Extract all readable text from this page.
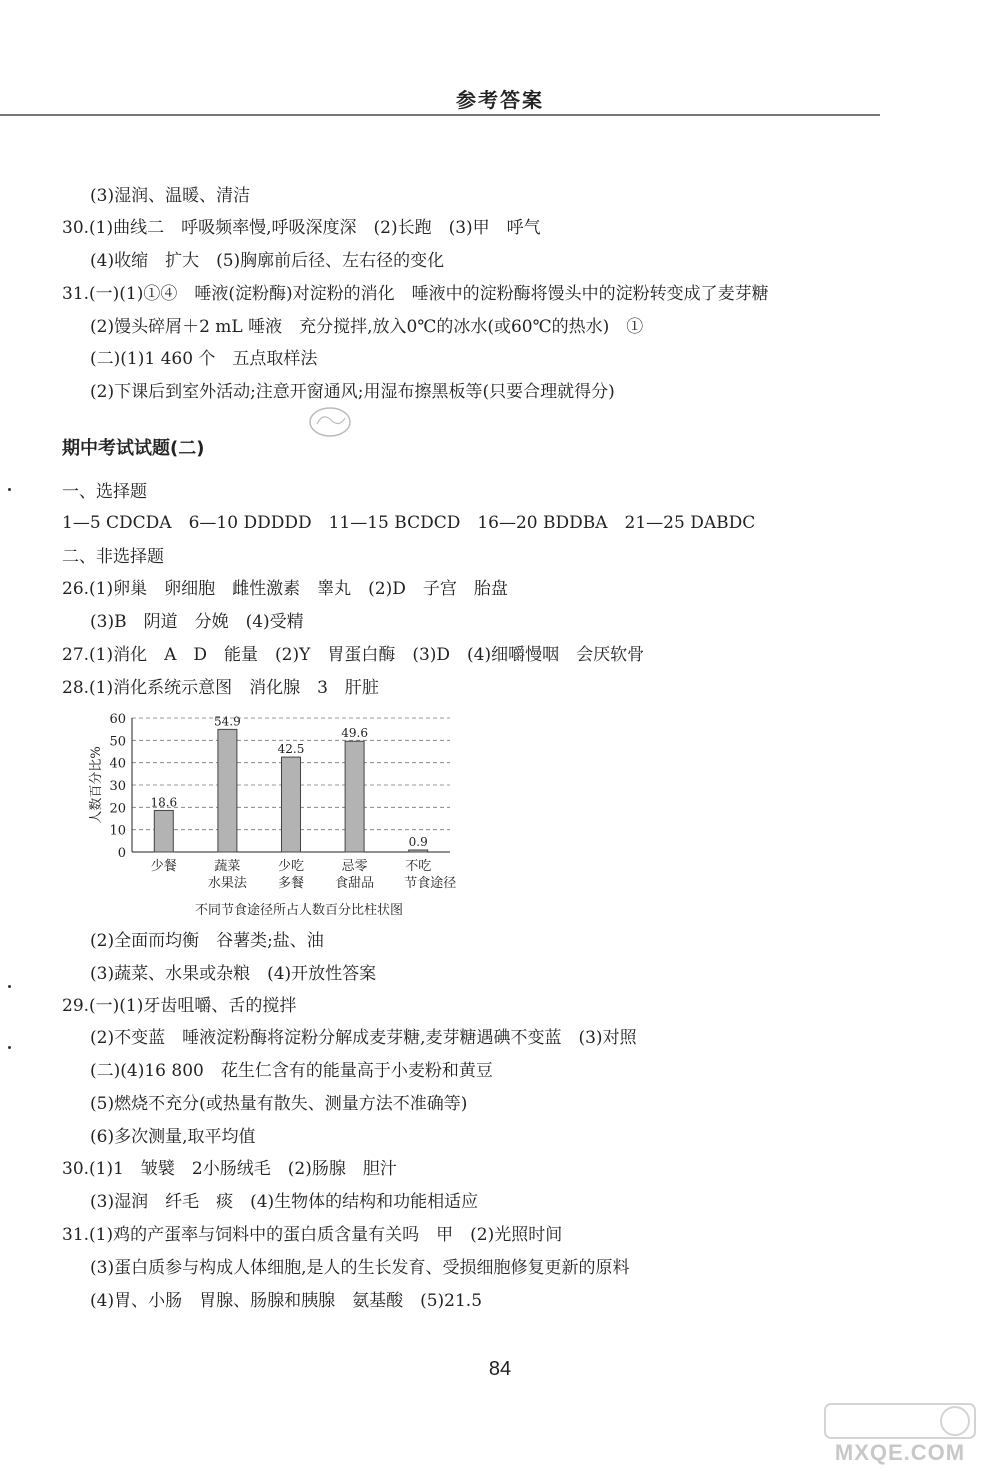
参考答案
(3)湿润、温暖、清洁
30.(1)曲线二　呼吸频率慢,呼吸深度深　(2)长跑　(3)甲　呼气
(4)收缩　扩大　(5)胸廓前后径、左右径的变化
31.(一)(1)①④　唾液(淀粉酶)对淀粉的消化　唾液中的淀粉酶将馒头中的淀粉转变成了麦芽糖
(2)馒头碎屑＋2 mL 唾液　充分搅拌,放入0℃的冰水(或60℃的热水)　①
(二)(1)1 460 个　五点取样法
(2)下课后到室外活动;注意开窗通风;用湿布擦黑板等(只要合理就得分)
期中考试试题(二)
一、选择题
1—5 CDCDA　6—10 DDDDD　11—15 BCDCD　16—20 BDDBA　21—25 DABDC
二、非选择题
26.(1)卵巢　卵细胞　雌性激素　睾丸　(2)D　子宫　胎盘
(3)B　阴道　分娩　(4)受精
27.(1)消化　A　D　能量　(2)Y　胃蛋白酶　(3)D　(4)细嚼慢咽　会厌软骨
28.(1)消化系统示意图　消化腺　3　肝脏
0
10
20
30
40
50
60
人数百分比%	18.6
少餐
54.9
蔬菜
水果法
42.5
少吃
多餐
49.6
忌零
食甜品
0.9
不吃
节食途径
不同节食途径所占人数百分比柱状图
(2)全面而均衡　谷薯类;盐、油
(3)蔬菜、水果或杂粮　(4)开放性答案
29.(一)(1)牙齿咀嚼、舌的搅拌
(2)不变蓝　唾液淀粉酶将淀粉分解成麦芽糖,麦芽糖遇碘不变蓝　(3)对照
(二)(4)16 800　花生仁含有的能量高于小麦粉和黄豆
(5)燃烧不充分(或热量有散失、测量方法不准确等)
(6)多次测量,取平均值
30.(1)1　皱襞　2小肠绒毛　(2)肠腺　胆汁
(3)湿润　纤毛　痰　(4)生物体的结构和功能相适应
31.(1)鸡的产蛋率与饲料中的蛋白质含量有关吗　甲　(2)光照时间
(3)蛋白质参与构成人体细胞,是人的生长发育、受损细胞修复更新的原料
(4)胃、小肠　胃腺、肠腺和胰腺　氨基酸　(5)21.5
84
MXQE.COM
